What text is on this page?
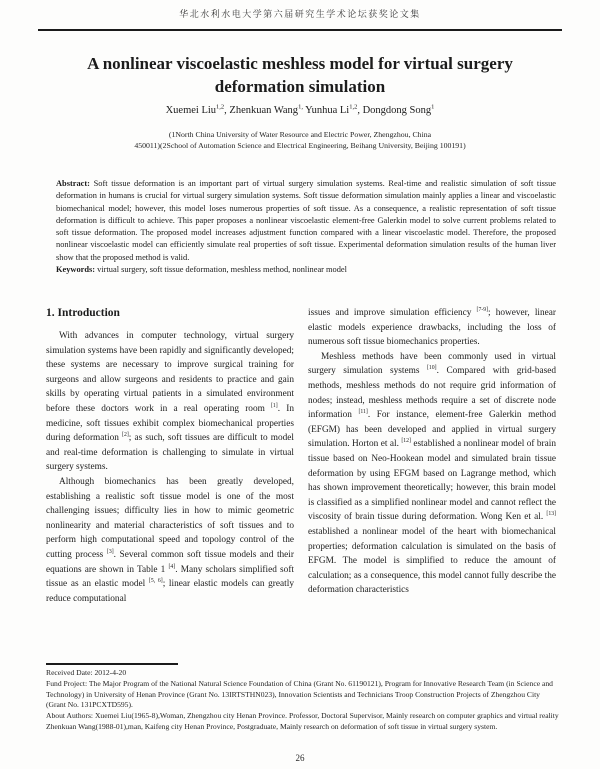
华北水利水电大学第六届研究生学术论坛获奖论文集
A nonlinear viscoelastic meshless model for virtual surgery
deformation simulation
Xuemei Liu$^{1,2}$, Zhenkuan Wang$^{1,}$ Yunhua Li$^{1,2}$, Dongdong Song$^1$
(1North China University of Water Resource and Electric Power, Zhengzhou, China
450011)(2School of Automation Science and Electrical Engineering, Beihang University, Beijing 100191)

Abstract: Soft tissue deformation is an important part of virtual surgery simulation systems. Real-time and realistic simulation of soft tissue deformation in humans is crucial for virtual surgery simulation systems. Soft tissue deformation simulation mainly applies a linear and viscoelastic biomechanical model; however, this model loses numerous properties of soft tissue. As a consequence, a realistic representation of soft tissue deformation is difficult to achieve. This paper proposes a nonlinear viscoelastic element-free Galerkin model to solve current problems related to soft tissue deformation. The proposed model increases adjustment function compared with a linear viscoelastic model. Therefore, the proposed nonlinear viscoelastic model can efficiently simulate real properties of soft tissue. Experimental deformation simulation results of the human liver show that the proposed method is valid.

Keywords: virtual surgery, soft tissue deformation, meshless method, nonlinear model

1. Introduction

With advances in computer technology, virtual surgery simulation systems have been rapidly and significantly developed; these systems are necessary to improve surgical training for surgeons and allow surgeons and residents to practice and gain skills by operating virtual patients in a simulated environment before these doctors work in a real operating room [1]. In medicine, soft tissues exhibit complex biomechanical properties during deformation [2]; as such, soft tissues are difficult to model and real-time deformation is challenging to simulate in virtual surgery systems.

Although biomechanics has been greatly developed, establishing a realistic soft tissue model is one of the most challenging issues; difficulty lies in how to mimic geometric nonlinearity and material characteristics of soft tissues and to perform high computational speed and topology control of the cutting process [3]. Several common soft tissue models and their equations are shown in Table 1 [4]. Many scholars simplified soft tissue as an elastic model [5, 6]; linear elastic models can greatly reduce computational

issues and improve simulation efficiency [7-9]; however, linear elastic models experience drawbacks, including the loss of numerous soft tissue biomechanics properties.

Meshless methods have been commonly used in virtual surgery simulation systems [10]. Compared with grid-based methods, meshless methods do not require grid information of nodes; instead, meshless methods require a set of discrete node information [11]. For instance, element-free Galerkin method (EFGM) has been developed and applied in virtual surgery simulation. Horton et al. [12] established a nonlinear model of brain tissue based on Neo-Hookean model and simulated brain tissue deformation by using EFGM based on Lagrange method, which has shown improvement theoretically; however, this brain model is classified as a simplified nonlinear model and cannot reflect the viscosity of brain tissue during deformation. Wong Ken et al. [13] established a nonlinear model of the heart with biomechanical properties; deformation calculation is simulated on the basis of EFGM. The model is simplified to reduce the amount of calculation; as a consequence, this model cannot fully describe the deformation characteristics

Received Date: 2012-4-20

Fund Project: The Major Program of the National Natural Science Foundation of China (Grant No. 61190121), Program for Innovative Research Team (in Science and Technology) in University of Henan Province (Grant No. 13IRTSTHN023), Innovation Scientists and Technicians Troop Construction Projects of Zhengzhou City (Grant No. 131PCXTD595).

About Authors: Xuemei Liu(1965-8),Woman, Zhengzhou city Henan Province. Professor, Doctoral Supervisor, Mainly research on computer graphics and virtual reality

Zhenkuan Wang(1988-01),man, Kaifeng city Henan Province, Postgraduate, Mainly research on deformation of soft tissue in virtual surgery system.

26
